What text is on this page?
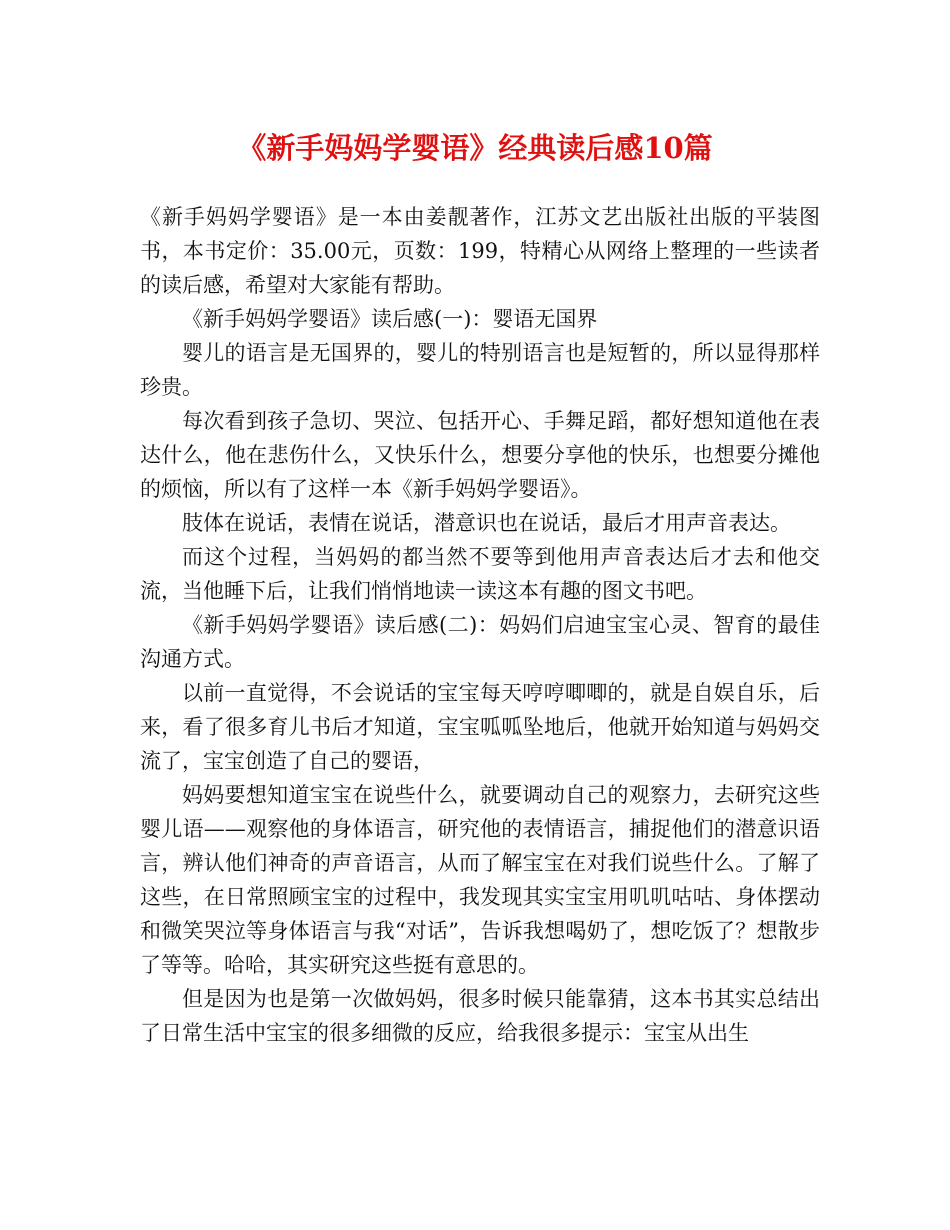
《新手妈妈学婴语》经典读后感10篇

《新手妈妈学婴语》是一本由姜靓著作，江苏文艺出版社出版的平装图书，本书定价：35.00元，页数：199，特精心从网络上整理的一些读者的读后感，希望对大家能有帮助。

《新手妈妈学婴语》读后感(一)：婴语无国界

婴儿的语言是无国界的，婴儿的特别语言也是短暂的，所以显得那样珍贵。

每次看到孩子急切、哭泣、包括开心、手舞足蹈，都好想知道他在表达什么，他在悲伤什么，又快乐什么，想要分享他的快乐，也想要分摊他的烦恼，所以有了这样一本《新手妈妈学婴语》。

肢体在说话，表情在说话，潜意识也在说话，最后才用声音表达。

而这个过程，当妈妈的都当然不要等到他用声音表达后才去和他交流，当他睡下后，让我们悄悄地读一读这本有趣的图文书吧。

《新手妈妈学婴语》读后感(二)：妈妈们启迪宝宝心灵、智育的最佳沟通方式。

以前一直觉得，不会说话的宝宝每天哼哼唧唧的，就是自娱自乐，后来，看了很多育儿书后才知道，宝宝呱呱坠地后，他就开始知道与妈妈交流了，宝宝创造了自己的婴语，

妈妈要想知道宝宝在说些什么，就要调动自己的观察力，去研究这些婴儿语——观察他的身体语言，研究他的表情语言，捕捉他们的潜意识语言，辨认他们神奇的声音语言，从而了解宝宝在对我们说些什么。了解了这些，在日常照顾宝宝的过程中，我发现其实宝宝用叽叽咕咕、身体摆动和微笑哭泣等身体语言与我“对话”，告诉我想喝奶了，想吃饭了？想散步了等等。哈哈，其实研究这些挺有意思的。

但是因为也是第一次做妈妈，很多时候只能靠猜，这本书其实总结出了日常生活中宝宝的很多细微的反应，给我很多提示：宝宝从出生
